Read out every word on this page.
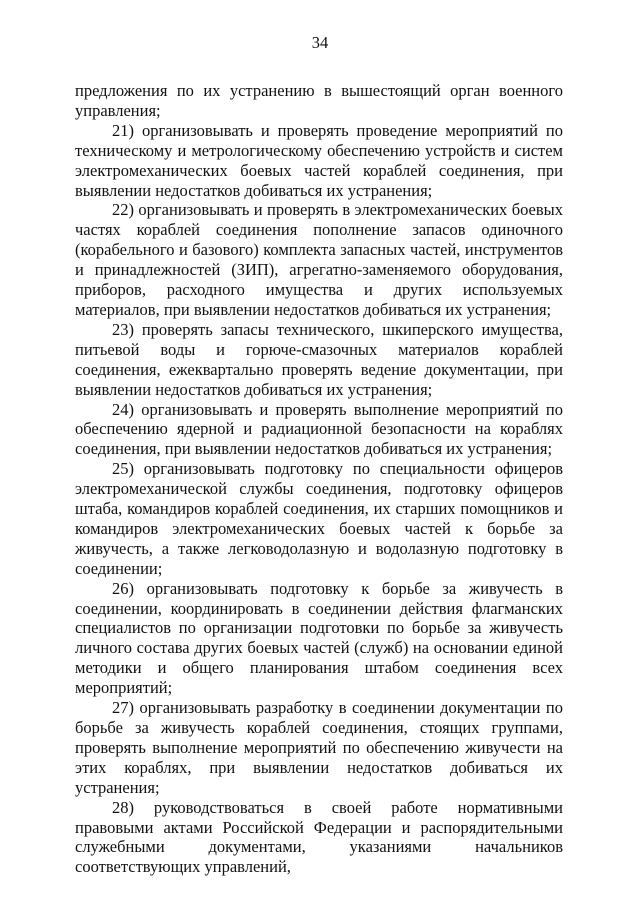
34

предложения по их устранению в вышестоящий орган военного управления;

21) организовывать и проверять проведение мероприятий по техническому и метрологическому обеспечению устройств и систем электромеханических боевых частей кораблей соединения, при выявлении недостатков добиваться их устранения;

22) организовывать и проверять в электромеханических боевых частях кораблей соединения пополнение запасов одиночного (корабельного и базового) комплекта запасных частей, инструментов и принадлежностей (ЗИП), агрегатно-заменяемого оборудования, приборов, расходного имущества и других используемых материалов, при выявлении недостатков добиваться их устранения;

23) проверять запасы технического, шкиперского имущества, питьевой воды и горюче-смазочных материалов кораблей соединения, ежеквартально проверять ведение документации, при выявлении недостатков добиваться их устранения;

24) организовывать и проверять выполнение мероприятий по обеспечению ядерной и радиационной безопасности на кораблях соединения, при выявлении недостатков добиваться их устранения;

25) организовывать подготовку по специальности офицеров электромеханической службы соединения, подготовку офицеров штаба, командиров кораблей соединения, их старших помощников и командиров электромеханических боевых частей к борьбе за живучесть, а также легководолазную и водолазную подготовку в соединении;

26) организовывать подготовку к борьбе за живучесть в соединении, координировать в соединении действия флагманских специалистов по организации подготовки по борьбе за живучесть личного состава других боевых частей (служб) на основании единой методики и общего планирования штабом соединения всех мероприятий;

27) организовывать разработку в соединении документации по борьбе за живучесть кораблей соединения, стоящих группами, проверять выполнение мероприятий по обеспечению живучести на этих кораблях, при выявлении недостатков добиваться их устранения;

28) руководствоваться в своей работе нормативными правовыми актами Российской Федерации и распорядительными служебными документами, указаниями начальников соответствующих управлений,
